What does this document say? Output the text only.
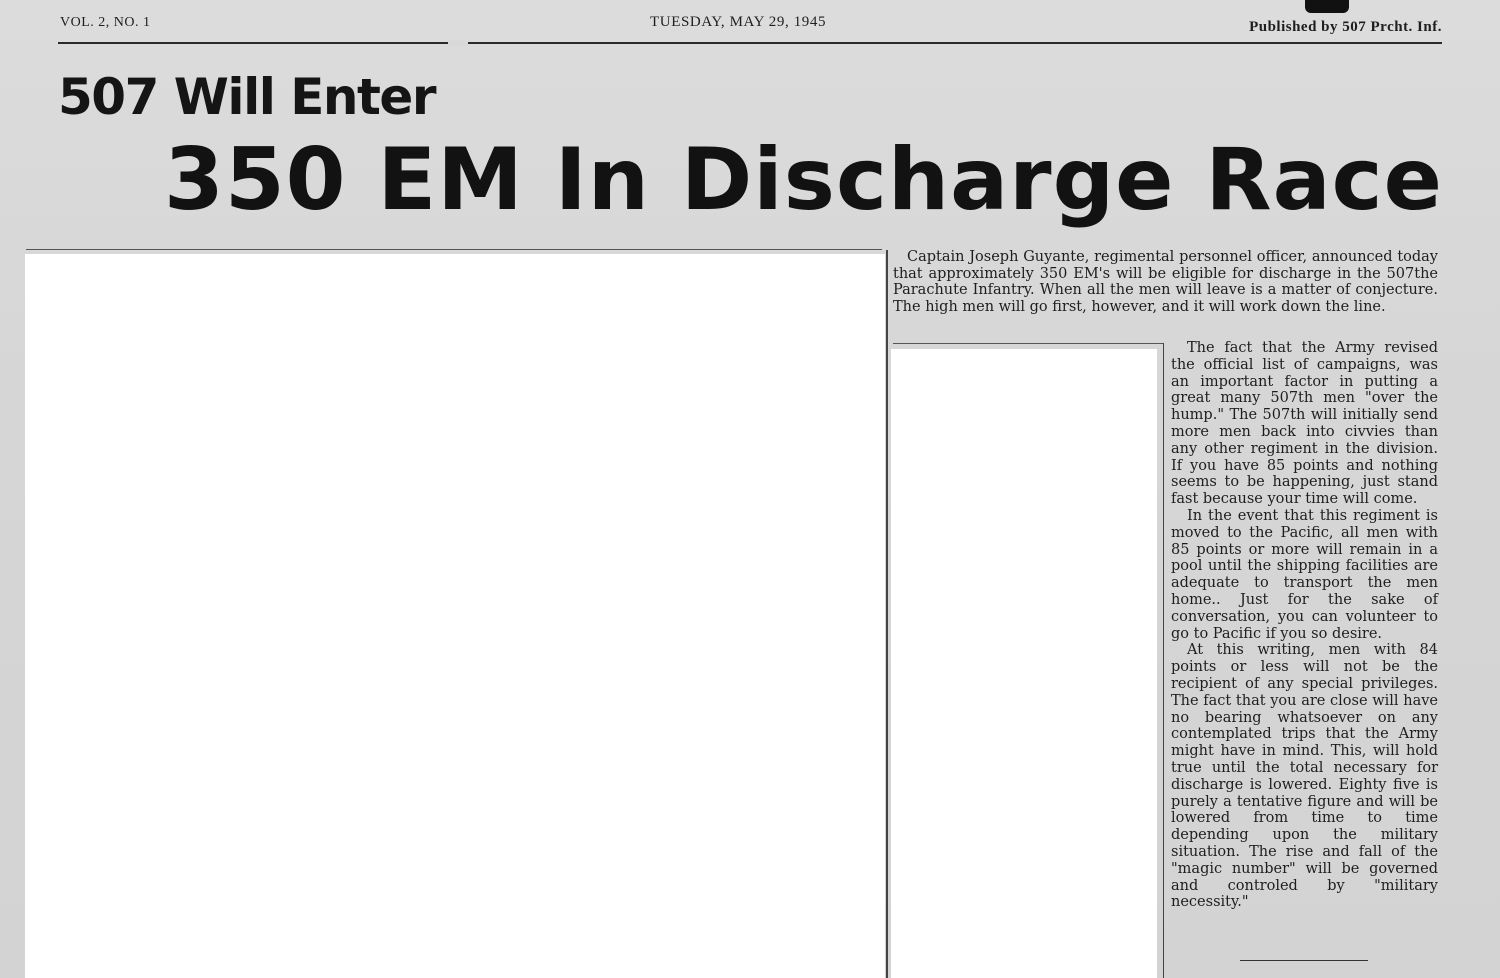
VOL. 2, NO. 1	TUESDAY, MAY 29, 1945	Published by 507 Prcht. Inf.
507 Will Enter
350 EM In Discharge Race
Captain Joseph Guyante, regimental personnel officer, announced today that approximately 350 EM's will be eligible for discharge in the 507the Parachute Infantry. When all the men will leave is a matter of conjecture. The high men will go first, however, and it will work down the line.

The fact that the Army revised the official list of campaigns, was an important factor in putting a great many 507th men "over the hump." The 507th will initially send more men back into civvies than any other regiment in the division. If you have 85 points and nothing seems to be happening, just stand fast because your time will come.

In the event that this regiment is moved to the Pacific, all men with 85 points or more will remain in a pool until the shipping facilities are adequate to transport the men home.. Just for the sake of conversation, you can volunteer to go to Pacific if you so desire.

At this writing, men with 84 points or less will not be the recipient of any special privileges. The fact that you are close will have no bearing whatsoever on any contemplated trips that the Army might have in mind. This, will hold true until the total necessary for discharge is lowered. Eighty five is purely a tentative figure and will be lowered from time to time depending upon the military situation. The rise and fall of the "magic number" will be governed and controled by "military necessity."
